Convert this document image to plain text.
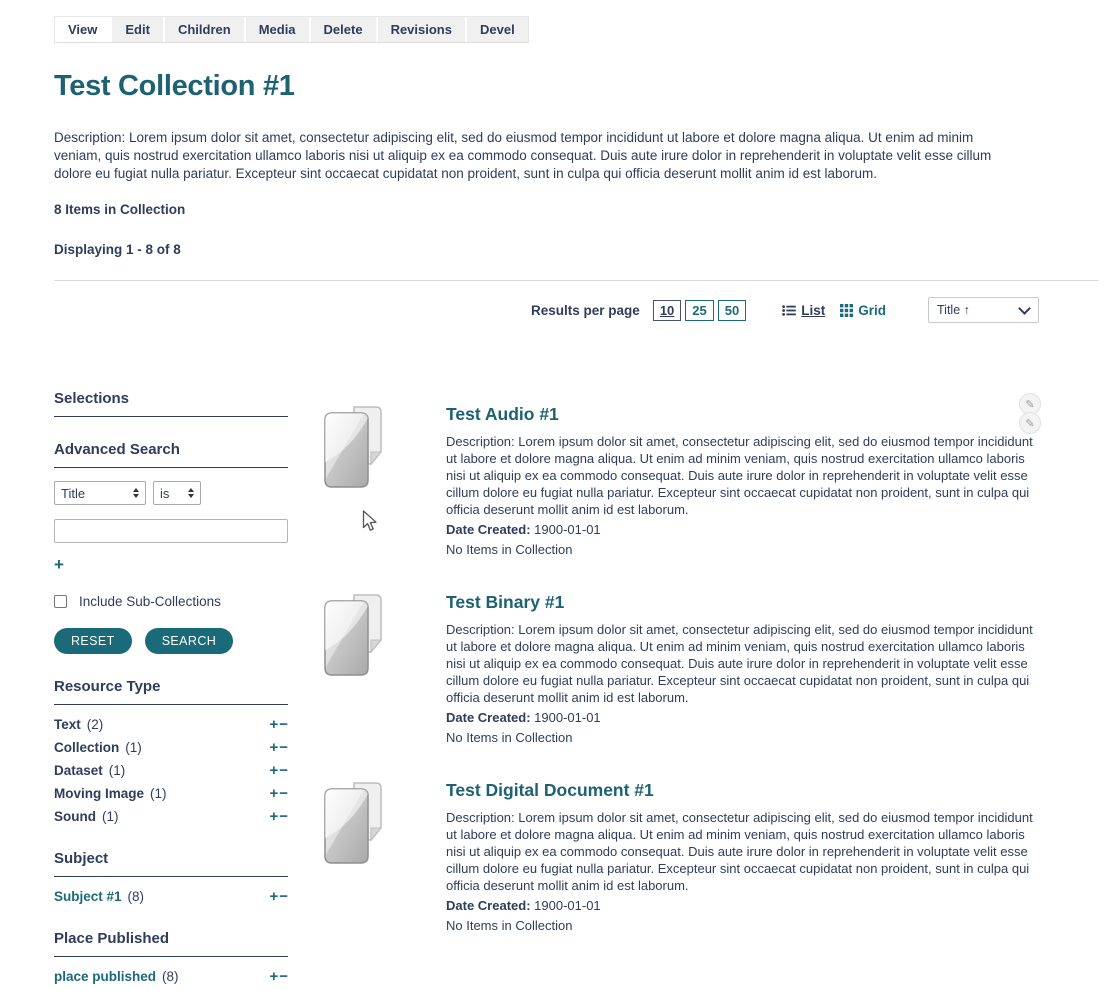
View	Edit	Children	Media	Delete	Revisions	Devel
Test Collection #1

Description: Lorem ipsum dolor sit amet, consectetur adipiscing elit, sed do eiusmod tempor incididunt ut labore et dolore magna aliqua. Ut enim ad minim veniam, quis nostrud exercitation ullamco laboris nisi ut aliquip ex ea commodo consequat. Duis aute irure dolor in reprehenderit in voluptate velit esse cillum dolore eu fugiat nulla pariatur. Excepteur sint occaecat cupidatat non proident, sunt in culpa qui officia deserunt mollit anim id est laborum.

8 Items in Collection

Displaying 1 - 8 of 8

Results per page	10	25	50	List Grid	Title ↑
Selections
Advanced Search
Title	is
+
Include Sub-Collections
RESET	SEARCH
Resource Type
Text (2)	+ −
Collection (1)	+ −
Dataset (1)	+ −
Moving Image (1)	+ −
Sound (1)	+ −
Subject
Subject #1 (8)	+ −
Place Published
place published (8)	+ −
Test Audio #1

Description: Lorem ipsum dolor sit amet, consectetur adipiscing elit, sed do eiusmod tempor incididunt ut labore et dolore magna aliqua. Ut enim ad minim veniam, quis nostrud exercitation ullamco laboris nisi ut aliquip ex ea commodo consequat. Duis aute irure dolor in reprehenderit in voluptate velit esse cillum dolore eu fugiat nulla pariatur. Excepteur sint occaecat cupidatat non proident, sunt in culpa qui officia deserunt mollit anim id est laborum.

Date Created: 1900-01-01

No Items in Collection

✎
✎
Test Binary #1

Description: Lorem ipsum dolor sit amet, consectetur adipiscing elit, sed do eiusmod tempor incididunt ut labore et dolore magna aliqua. Ut enim ad minim veniam, quis nostrud exercitation ullamco laboris nisi ut aliquip ex ea commodo consequat. Duis aute irure dolor in reprehenderit in voluptate velit esse cillum dolore eu fugiat nulla pariatur. Excepteur sint occaecat cupidatat non proident, sunt in culpa qui officia deserunt mollit anim id est laborum.

Date Created: 1900-01-01

No Items in Collection

Test Digital Document #1

Description: Lorem ipsum dolor sit amet, consectetur adipiscing elit, sed do eiusmod tempor incididunt ut labore et dolore magna aliqua. Ut enim ad minim veniam, quis nostrud exercitation ullamco laboris nisi ut aliquip ex ea commodo consequat. Duis aute irure dolor in reprehenderit in voluptate velit esse cillum dolore eu fugiat nulla pariatur. Excepteur sint occaecat cupidatat non proident, sunt in culpa qui officia deserunt mollit anim id est laborum.

Date Created: 1900-01-01

No Items in Collection
